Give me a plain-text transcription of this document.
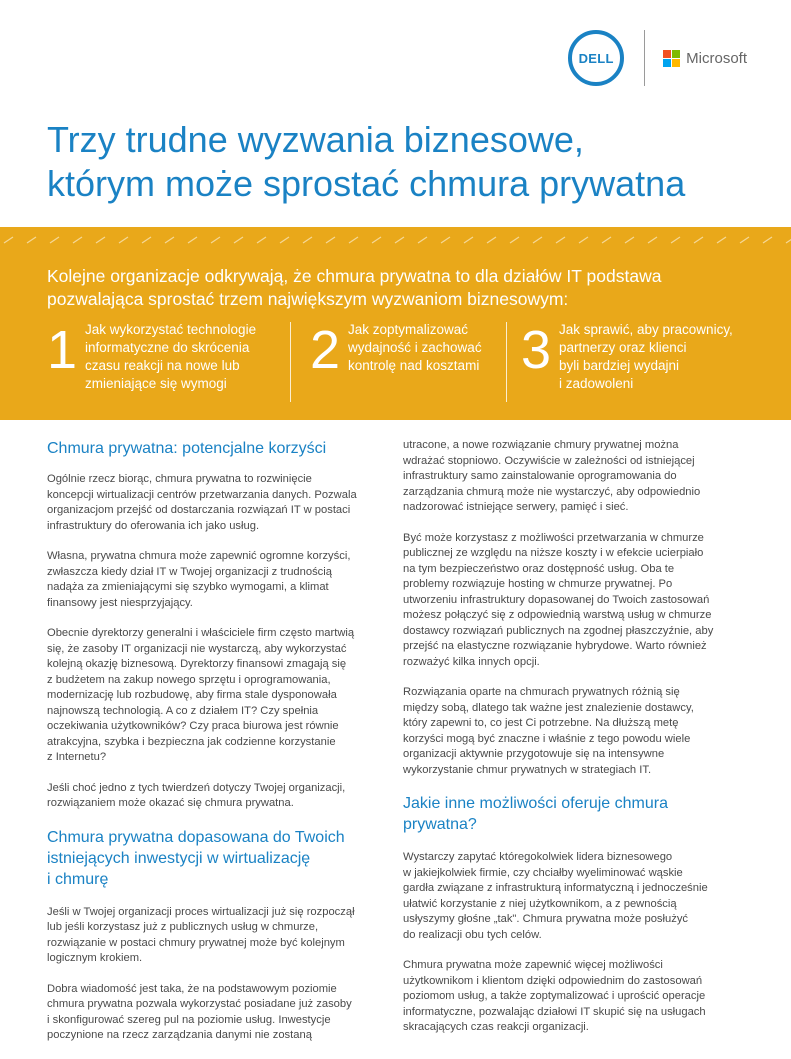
DELL	Microsoft
Trzy trudne wyzwania biznesowe,
którym może sprostać chmura prywatna

Kolejne organizacje odkrywają, że chmura prywatna to dla działów IT podstawa
pozwalająca sprostać trzem największym wyzwaniom biznesowym:

1 Jak wykorzystać technologie
informatyczne do skrócenia
czasu reakcji na nowe lub
zmieniające się wymogi
2 Jak zoptymalizować
wydajność i zachować
kontrolę nad kosztami 3 Jak sprawić, aby pracownicy,
partnerzy oraz klienci
byli bardziej wydajni
i zadowoleni
Chmura prywatna: potencjalne korzyści

Ogólnie rzecz biorąc, chmura prywatna to rozwinięcie
koncepcji wirtualizacji centrów przetwarzania danych. Pozwala
organizacjom przejść od dostarczania rozwiązań IT w postaci
infrastruktury do oferowania ich jako usług.

Własna, prywatna chmura może zapewnić ogromne korzyści,
zwłaszcza kiedy dział IT w Twojej organizacji z trudnością
nadąża za zmieniającymi się szybko wymogami, a klimat
finansowy jest niesprzyjający.

Obecnie dyrektorzy generalni i właściciele firm często martwią
się, że zasoby IT organizacji nie wystarczą, aby wykorzystać
kolejną okazję biznesową. Dyrektorzy finansowi zmagają się
z budżetem na zakup nowego sprzętu i oprogramowania,
modernizację lub rozbudowę, aby firma stale dysponowała
najnowszą technologią. A co z działem IT? Czy spełnia
oczekiwania użytkowników? Czy praca biurowa jest równie
atrakcyjna, szybka i bezpieczna jak codzienne korzystanie
z Internetu?

Jeśli choć jedno z tych twierdzeń dotyczy Twojej organizacji,
rozwiązaniem może okazać się chmura prywatna.

Chmura prywatna dopasowana do Twoich
istniejących inwestycji w wirtualizację
i chmurę

Jeśli w Twojej organizacji proces wirtualizacji już się rozpoczął
lub jeśli korzystasz już z publicznych usług w chmurze,
rozwiązanie w postaci chmury prywatnej może być kolejnym
logicznym krokiem.

Dobra wiadomość jest taka, że na podstawowym poziomie
chmura prywatna pozwala wykorzystać posiadane już zasoby
i skonfigurować szereg pul na poziomie usług. Inwestycje
poczynione na rzecz zarządzania danymi nie zostaną

utracone, a nowe rozwiązanie chmury prywatnej można
wdrażać stopniowo. Oczywiście w zależności od istniejącej
infrastruktury samo zainstalowanie oprogramowania do
zarządzania chmurą może nie wystarczyć, aby odpowiednio
nadzorować istniejące serwery, pamięć i sieć.

Być może korzystasz z możliwości przetwarzania w chmurze
publicznej ze względu na niższe koszty i w efekcie ucierpiało
na tym bezpieczeństwo oraz dostępność usług. Oba te
problemy rozwiązuje hosting w chmurze prywatnej. Po
utworzeniu infrastruktury dopasowanej do Twoich zastosowań
możesz połączyć się z odpowiednią warstwą usług w chmurze
dostawcy rozwiązań publicznych na zgodnej płaszczyźnie, aby
przejść na elastyczne rozwiązanie hybrydowe. Warto również
rozważyć kilka innych opcji.

Rozwiązania oparte na chmurach prywatnych różnią się
między sobą, dlatego tak ważne jest znalezienie dostawcy,
który zapewni to, co jest Ci potrzebne. Na dłuższą metę
korzyści mogą być znaczne i właśnie z tego powodu wiele
organizacji aktywnie przygotowuje się na intensywne
wykorzystanie chmur prywatnych w strategiach IT.

Jakie inne możliwości oferuje chmura
prywatna?

Wystarczy zapytać któregokolwiek lidera biznesowego
w jakiejkolwiek firmie, czy chciałby wyeliminować wąskie
gardła związane z infrastrukturą informatyczną i jednocześnie
ułatwić korzystanie z niej użytkownikom, a z pewnością
usłyszymy głośne „tak". Chmura prywatna może posłużyć
do realizacji obu tych celów.

Chmura prywatna może zapewnić więcej możliwości
użytkownikom i klientom dzięki odpowiednim do zastosowań
poziomom usług, a także zoptymalizować i uprościć operacje
informatyczne, pozwalając działowi IT skupić się na usługach
skracających czas reakcji organizacji.
